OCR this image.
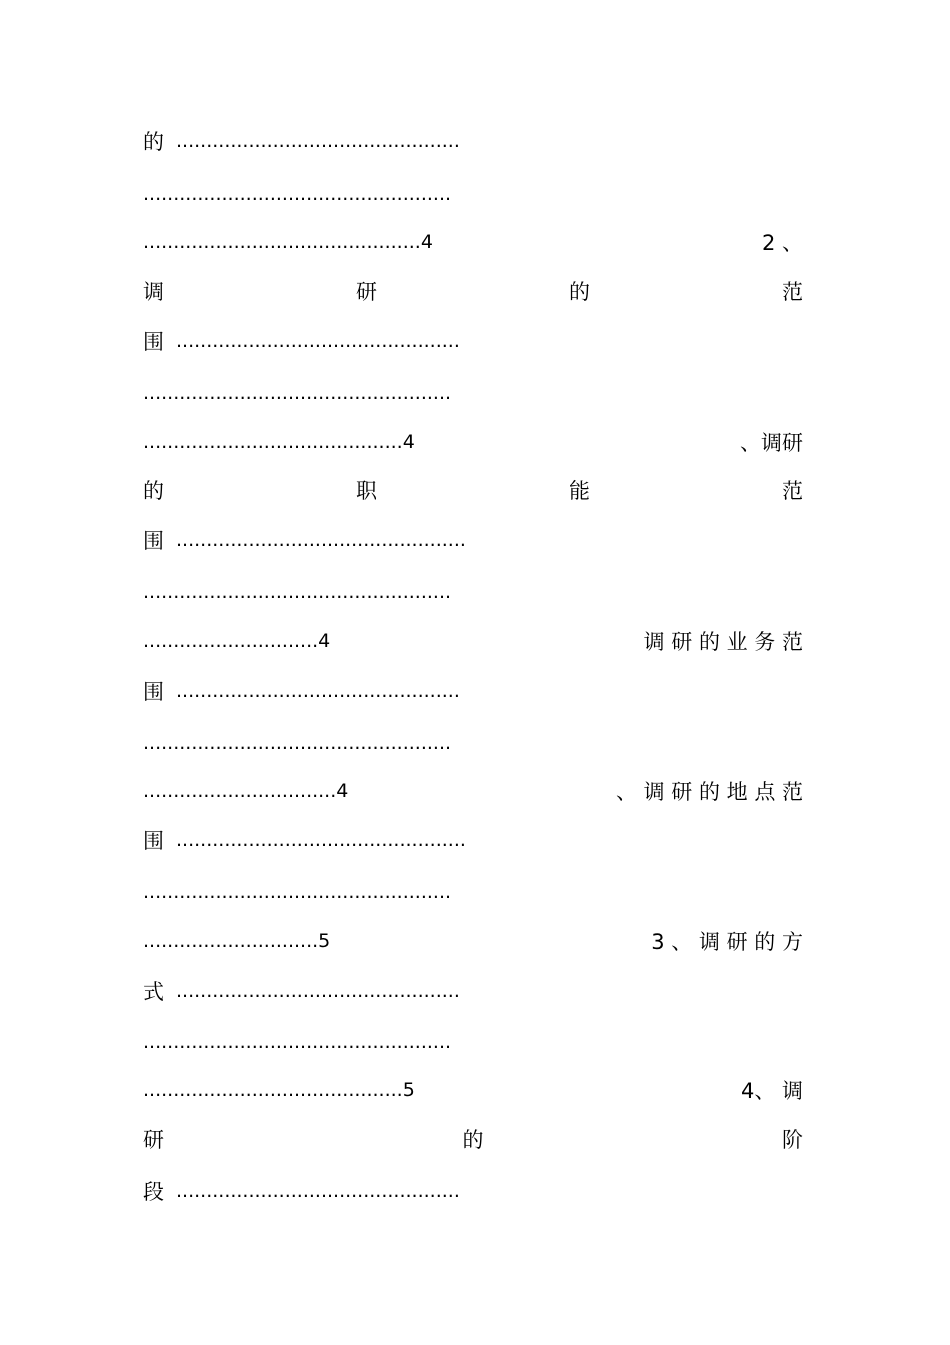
的 ...............................................
...................................................
..............................................4	2 、
调	研	的	范
围 ...............................................
...................................................
...........................................4	、调研
的	职	能	范
围 ................................................
...................................................
.............................4	调 研 的 业 务 范
围 ...............................................
...................................................
................................4	、 调 研 的 地 点 范
围 ................................................
...................................................
.............................5	3 、 调 研 的 方
式 ...............................................
...................................................
...........................................5	4、 调
研	的	阶
段 ...............................................
